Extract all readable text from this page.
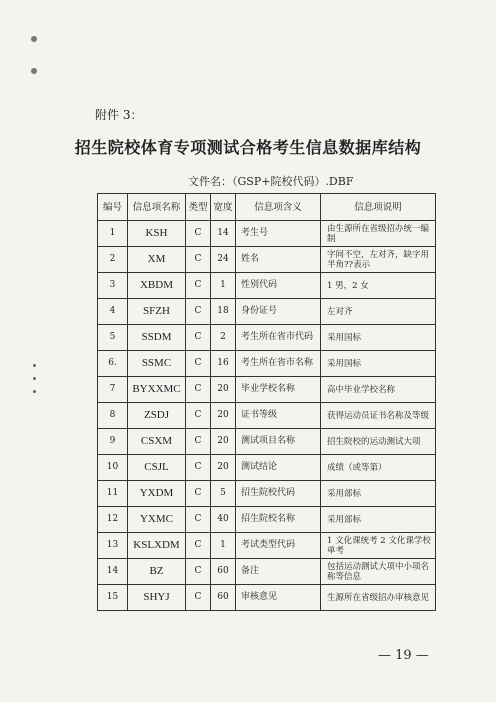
附件 3：
招生院校体育专项测试合格考生信息数据库结构
文件名：（GSP+院校代码）.DBF
编号	信息项名称	类型	宽度	信息项含义	信息项说明
1	KSH	C	14	考生号	由生源所在省级招办统一编制
2	XM	C	24	姓名	字间不空，左对齐，缺字用半角??表示
3	XBDM	C	1	性别代码	1 男，2 女
4	SFZH	C	18	身份证号	左对齐
5	SSDM	C	2	考生所在省市代码	采用国标
6.	SSMC	C	16	考生所在省市名称	采用国标
7	BYXXMC	C	20	毕业学校名称	高中毕业学校名称
8	ZSDJ	C	20	证书等级	获得运动员证书名称及等级
9	CSXM	C	20	测试项目名称	招生院校的运动测试大项
10	CSJL	C	20	测试结论	成绩（或等第）
11	YXDM	C	5	招生院校代码	采用部标
12	YXMC	C	40	招生院校名称	采用部标
13	KSLXDM	C	1	考试类型代码	1 文化课统考 2 文化课学校单考
14	BZ	C	60	备注	包括运动测试大项中小项名称等信息
15	SHYJ	C	60	审核意见	生源所在省级招办审核意见
— 19 —
